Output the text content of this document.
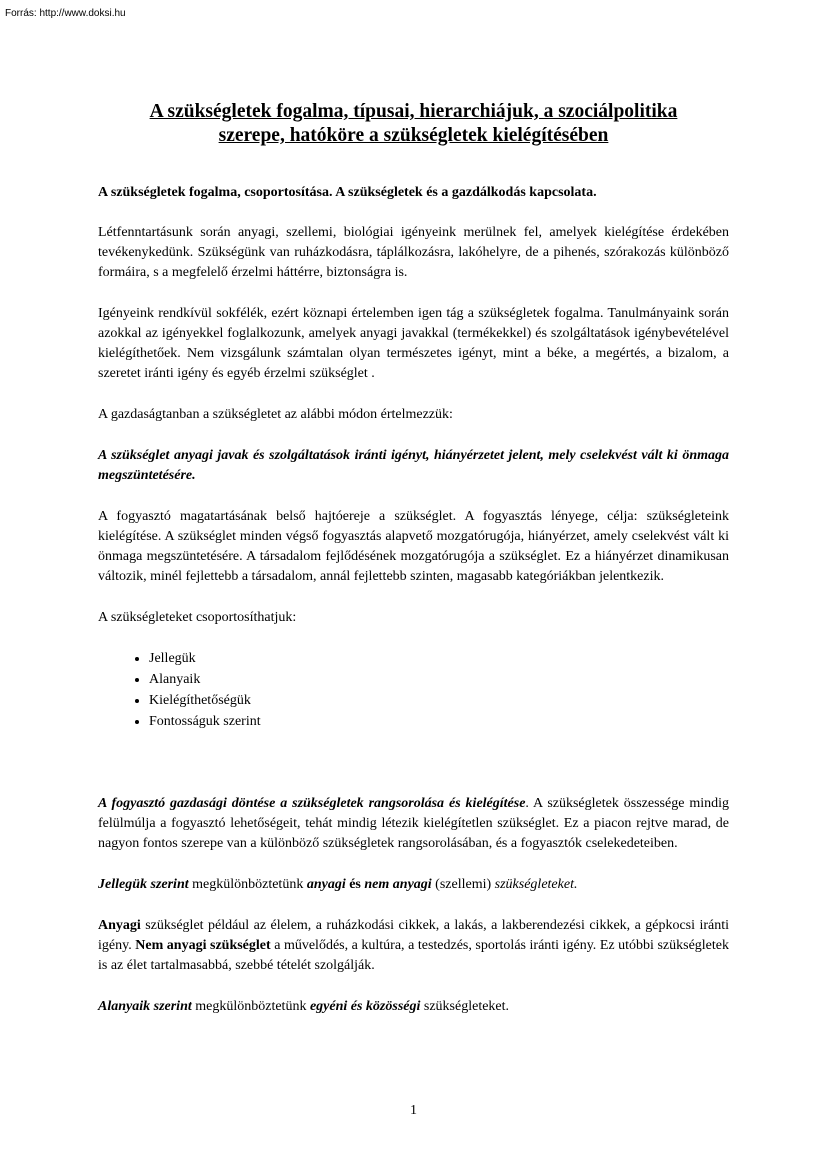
Forrás: http://www.doksi.hu
A szükségletek fogalma, típusai, hierarchiájuk, a szociálpolitika
szerepe, hatóköre a szükségletek kielégítésében
A szükségletek fogalma, csoportosítása. A szükségletek és a gazdálkodás kapcsolata.

Létfenntartásunk során anyagi, szellemi, biológiai igényeink merülnek fel, amelyek kielégítése érdekében tevékenykedünk. Szükségünk van ruházkodásra, táplálkozásra, lakóhelyre, de a pihenés, szórakozás különböző formáira, s a megfelelő érzelmi háttérre, biztonságra is.

Igényeink rendkívül sokfélék, ezért köznapi értelemben igen tág a szükségletek fogalma. Tanulmányaink során azokkal az igényekkel foglalkozunk, amelyek anyagi javakkal (termékekkel) és szolgáltatások igénybevételével kielégíthetőek. Nem vizsgálunk számtalan olyan természetes igényt, mint a béke, a megértés, a bizalom, a szeretet iránti igény és egyéb érzelmi szükséglet .

A gazdaságtanban a szükségletet az alábbi módon értelmezzük:

A szükséglet anyagi javak és szolgáltatások iránti igényt, hiányérzetet jelent, mely cselekvést vált ki önmaga megszüntetésére.

A fogyasztó magatartásának belső hajtóereje a szükséglet. A fogyasztás lényege, célja: szükségleteink kielégítése. A szükséglet minden végső fogyasztás alapvető mozgatórugója, hiányérzet, amely cselekvést vált ki önmaga megszüntetésére. A társadalom fejlődésének mozgatórugója a szükséglet. Ez a hiányérzet dinamikusan változik, minél fejlettebb a társadalom, annál fejlettebb szinten, magasabb kategóriákban jelentkezik.

A szükségleteket csoportosíthatjuk:

• Jellegük
• Alanyaik
• Kielégíthetőségük
• Fontosságuk szerint

A fogyasztó gazdasági döntése a szükségletek rangsorolása és kielégítése. A szükségletek összessége mindig felülmúlja a fogyasztó lehetőségeit, tehát mindig létezik kielégítetlen szükséglet. Ez a piacon rejtve marad, de nagyon fontos szerepe van a különböző szükségletek rangsorolásában, és a fogyasztók cselekedeteiben.

Jellegük szerint megkülönböztetünk anyagi és nem anyagi (szellemi) szükségleteket.

Anyagi szükséglet például az élelem, a ruházkodási cikkek, a lakás, a lakberendezési cikkek, a gépkocsi iránti igény. Nem anyagi szükséglet a művelődés, a kultúra, a testedzés, sportolás iránti igény. Ez utóbbi szükségletek is az élet tartalmasabbá, szebbé tételét szolgálják.

Alanyaik szerint megkülönböztetünk egyéni és közösségi szükségleteket.

1
